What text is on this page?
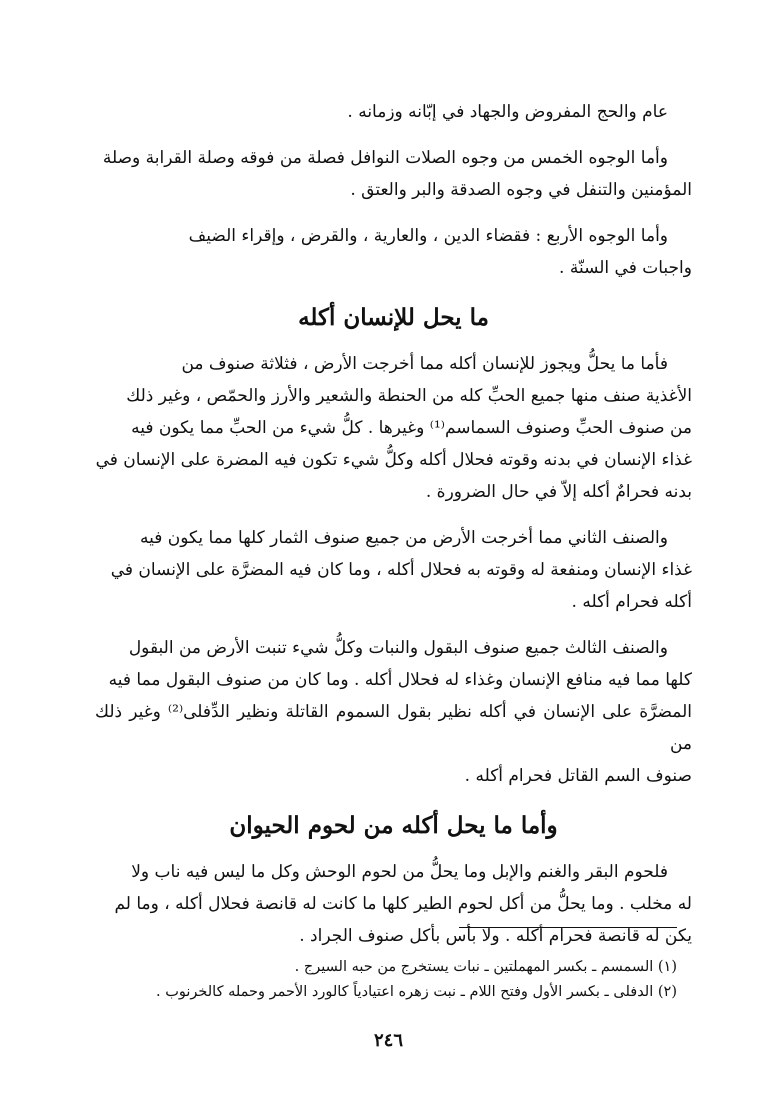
عام والحج المفروض والجهاد في إبّانه وزمانه .
وأما الوجوه الخمس من وجوه الصلات النوافل فصلة من فوقه وصلة القرابة وصلة
المؤمنين والتنفل في وجوه الصدقة والبر والعتق .
وأما الوجوه الأربع : فقضاء الدين ، والعارية ، والقرض ، وإقراء الضيف
واجبات في السنّة .
ما يحل للإنسان أكله
فأما ما يحلُّ ويجوز للإنسان أكله مما أخرجت الأرض ، فثلاثة صنوف من
الأغذية صنف منها جميع الحبِّ كله من الحنطة والشعير والأرز والحمّص ، وغير ذلك
من صنوف الحبِّ وصنوف السماسم⁽¹⁾ وغيرها . كلُّ شيء من الحبِّ مما يكون فيه
غذاء الإنسان في بدنه وقوته فحلال أكله وكلُّ شيء تكون فيه المضرة على الإنسان في
بدنه فحرامٌ أكله إلاّ في حال الضرورة .
والصنف الثاني مما أخرجت الأرض من جميع صنوف الثمار كلها مما يكون فيه
غذاء الإنسان ومنفعة له وقوته به فحلال أكله ، وما كان فيه المضرَّة على الإنسان في
أكله فحرام أكله .
والصنف الثالث جميع صنوف البقول والنبات وكلُّ شيء تنبت الأرض من البقول
كلها مما فيه منافع الإنسان وغذاء له فحلال أكله . وما كان من صنوف البقول مما فيه
المضرَّة على الإنسان في أكله نظير بقول السموم القاتلة ونظير الدِّفلى⁽²⁾ وغير ذلك من
صنوف السم القاتل فحرام أكله .
وأما ما يحل أكله من لحوم الحيوان
فلحوم البقر والغنم والإبل وما يحلُّ من لحوم الوحش وكل ما ليس فيه ناب ولا
له مخلب . وما يحلُّ من أكل لحوم الطير كلها ما كانت له قانصة فحلال أكله ، وما لم
يكن له قانصة فحرام أكله . ولا بأس بأكل صنوف الجراد .
(١) السمسم ـ بكسر المهملتين ـ نبات يستخرج من حبه السيرج .
(٢) الدفلى ـ بكسر الأول وفتح اللام ـ نبت زهره اعتيادياً كالورد الأحمر وحمله كالخرنوب .
٢٤٦
